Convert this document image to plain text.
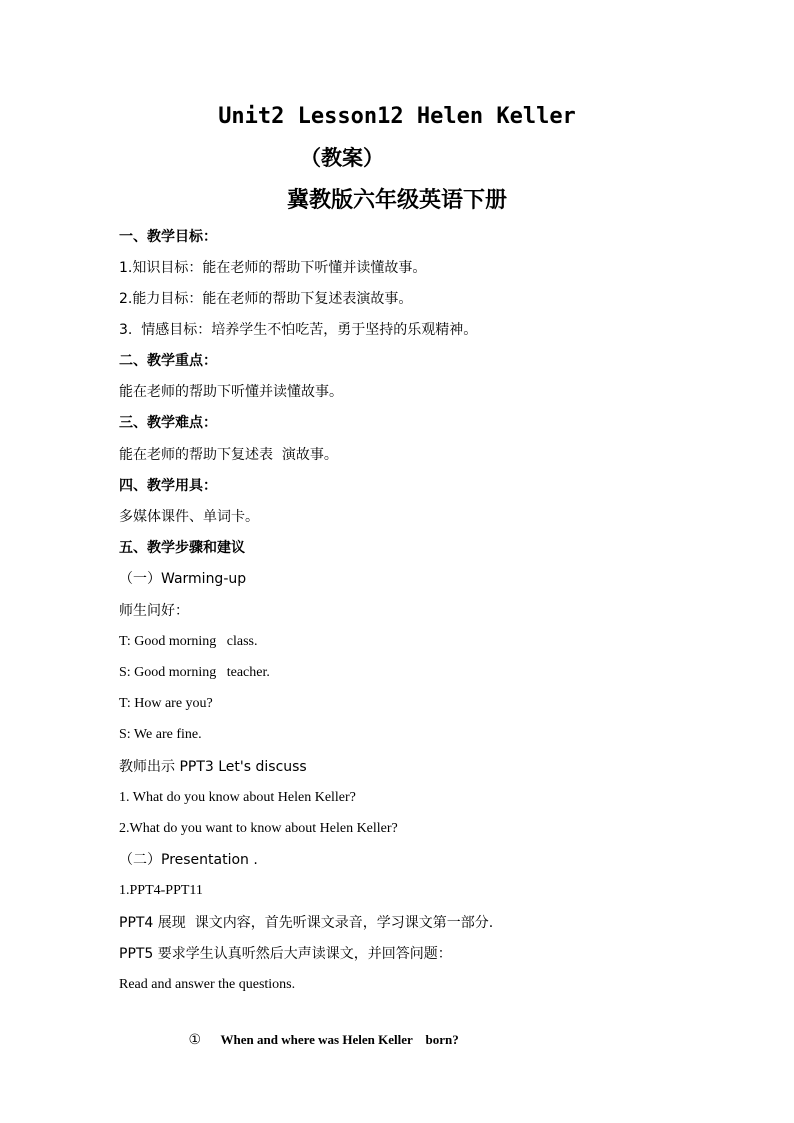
Unit2 Lesson12 Helen Keller
（教案）
冀教版六年级英语下册
一、教学目标：
1.知识目标：能在老师的帮助下听懂并读懂故事。
2.能力目标：能在老师的帮助下复述表演故事。
3.  情感目标：培养学生不怕吃苦，勇于坚持的乐观精神。
二、教学重点：
能在老师的帮助下听懂并读懂故事。
三、教学难点：
能在老师的帮助下复述表  演故事。
四、教学用具：
多媒体课件、单词卡。
五、教学步骤和建议
（一）Warming-up
师生问好：
T: Good morning   class.
S: Good morning   teacher.
T: How are you?
S: We are fine.
教师出示 PPT3 Let's discuss
1. What do you know about Helen Keller?
2.What do you want to know about Helen Keller?
（二）Presentation .
1.PPT4-PPT11
PPT4 展现  课文内容，首先听课文录音，学习课文第一部分.
PPT5 要求学生认真听然后大声读课文，并回答问题：
Read and answer the questions.

① When and where was Helen Keller    born?
